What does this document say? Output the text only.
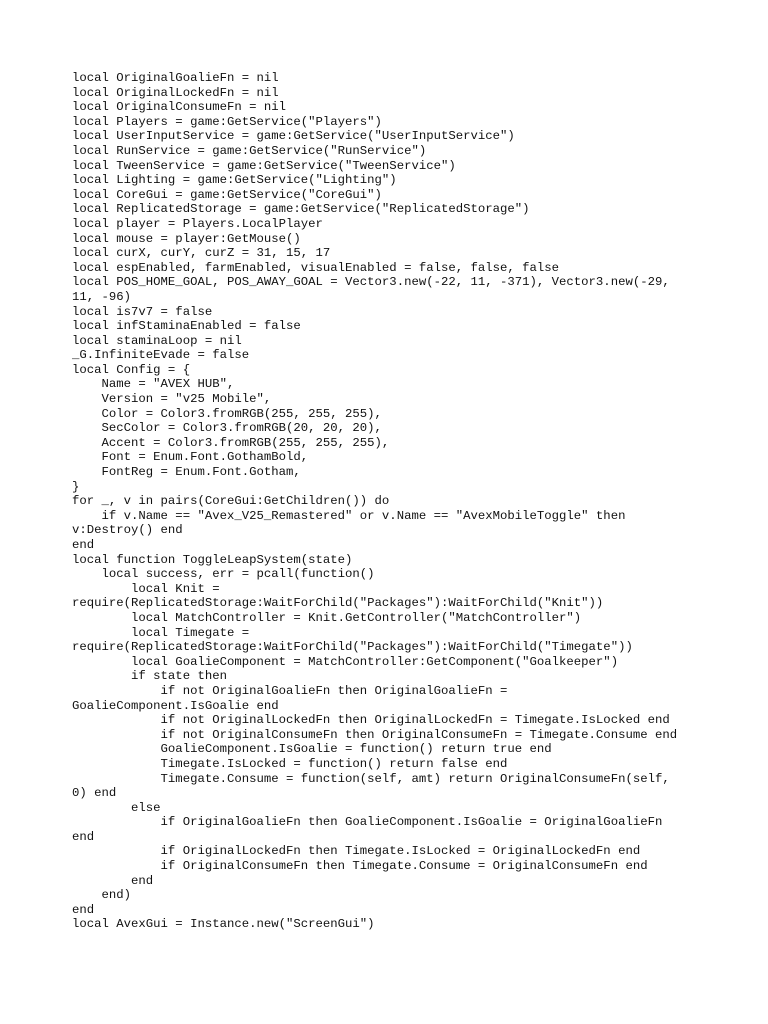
local OriginalGoalieFn = nil
local OriginalLockedFn = nil
local OriginalConsumeFn = nil
local Players = game:GetService("Players")
local UserInputService = game:GetService("UserInputService")
local RunService = game:GetService("RunService")
local TweenService = game:GetService("TweenService")
local Lighting = game:GetService("Lighting")
local CoreGui = game:GetService("CoreGui")
local ReplicatedStorage = game:GetService("ReplicatedStorage")
local player = Players.LocalPlayer
local mouse = player:GetMouse()
local curX, curY, curZ = 31, 15, 17
local espEnabled, farmEnabled, visualEnabled = false, false, false
local POS_HOME_GOAL, POS_AWAY_GOAL = Vector3.new(-22, 11, -371), Vector3.new(-29,
11, -96)
local is7v7 = false
local infStaminaEnabled = false
local staminaLoop = nil
_G.InfiniteEvade = false
local Config = {
Name = "AVEX HUB",
Version = "v25 Mobile",
Color = Color3.fromRGB(255, 255, 255),
SecColor = Color3.fromRGB(20, 20, 20),
Accent = Color3.fromRGB(255, 255, 255),
Font = Enum.Font.GothamBold,
FontReg = Enum.Font.Gotham,
}
for _, v in pairs(CoreGui:GetChildren()) do
if v.Name == "Avex_V25_Remastered" or v.Name == "AvexMobileToggle" then
v:Destroy() end
end
local function ToggleLeapSystem(state)
local success, err = pcall(function()
local Knit =
require(ReplicatedStorage:WaitForChild("Packages"):WaitForChild("Knit"))
local MatchController = Knit.GetController("MatchController")
local Timegate =
require(ReplicatedStorage:WaitForChild("Packages"):WaitForChild("Timegate"))
local GoalieComponent = MatchController:GetComponent("Goalkeeper")
if state then
if not OriginalGoalieFn then OriginalGoalieFn =
GoalieComponent.IsGoalie end
if not OriginalLockedFn then OriginalLockedFn = Timegate.IsLocked end
if not OriginalConsumeFn then OriginalConsumeFn = Timegate.Consume end
GoalieComponent.IsGoalie = function() return true end
Timegate.IsLocked = function() return false end
Timegate.Consume = function(self, amt) return OriginalConsumeFn(self,
0) end
else
if OriginalGoalieFn then GoalieComponent.IsGoalie = OriginalGoalieFn
end
if OriginalLockedFn then Timegate.IsLocked = OriginalLockedFn end
if OriginalConsumeFn then Timegate.Consume = OriginalConsumeFn end
end
end)
end
local AvexGui = Instance.new("ScreenGui")
